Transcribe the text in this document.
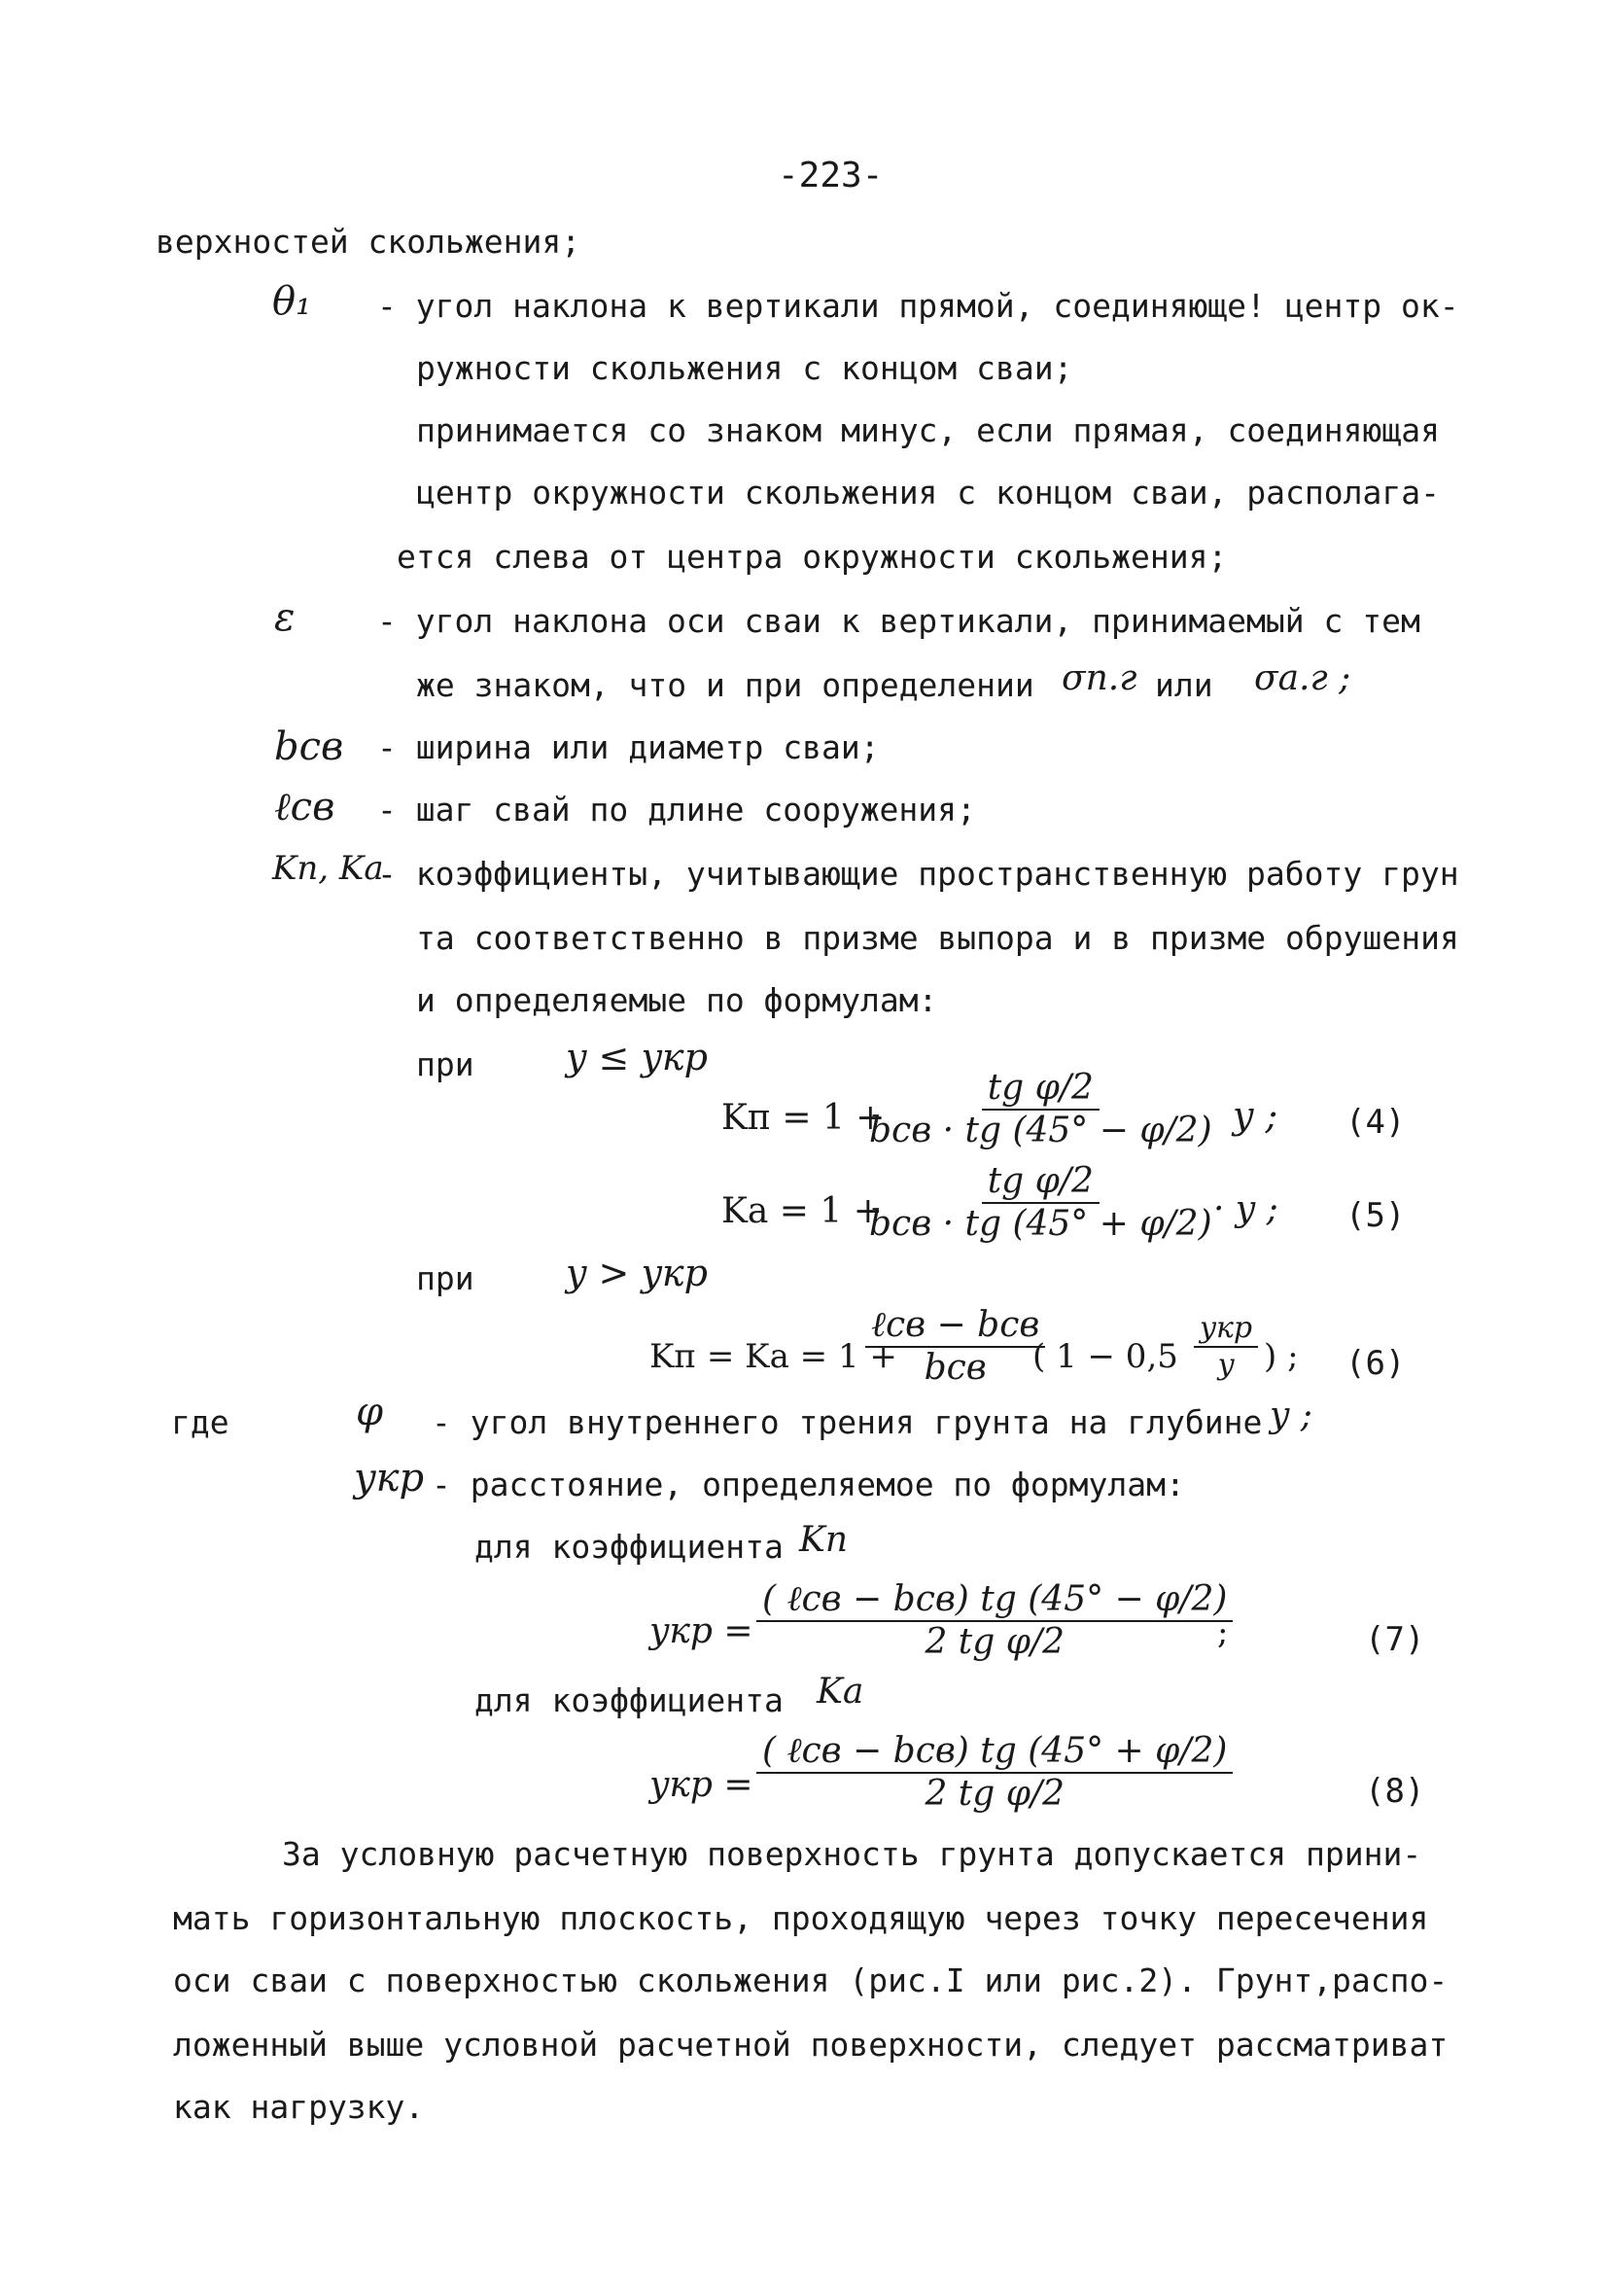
-223-
верхностей скольжения;
θ₁ - угол наклона к вертикали прямой, соединяюще! центр ок-
ружности скольжения с концом сваи;
принимается со знаком минус, если прямая, соединяющая
центр окружности скольжения с концом сваи, располага-
ется слева от центра окружности скольжения;
ε	- угол наклона оси сваи к вертикали, принимаемый с тем
же знаком, что и при определении σп.г или σа.г ;
bсв - ширина или диаметр сваи;
ℓсв - шаг свай по длине сооружения;
Kп, Kа
- коэффициенты, учитывающие пространственную работу грун
та соответственно в призме выпора и в призме обрушения
и определяемые по формулам:
при y ≤ yкр
Kп = 1 +
tg φ/2
bсв · tg (45° − φ/2) y ; (4)
Kа = 1 +
tg φ/2
bсв · tg (45° + φ/2) · y ; (5)
при y > yкр
Kп = Kа = 1 +
ℓсв − bсв
bсв ( 1 − 0,5
yкр
y ) ; (6)
где	φ - угол внутреннего трения грунта на глубине y ;
yкр - расстояние, определяемое по формулам:
для коэффициента Kп
yкр =
( ℓсв − bсв) tg (45° − φ/2)
2 tg φ/2	;	(7)
для коэффициента Kа
yкр =
( ℓсв − bсв) tg (45° + φ/2)
2 tg φ/2	(8)
За условную расчетную поверхность грунта допускается прини-
мать горизонтальную плоскость, проходящую через точку пересечения
оси сваи с поверхностью скольжения (рис.I или рис.2). Грунт,распо-
ложенный выше условной расчетной поверхности, следует рассматриват
как нагрузку.
